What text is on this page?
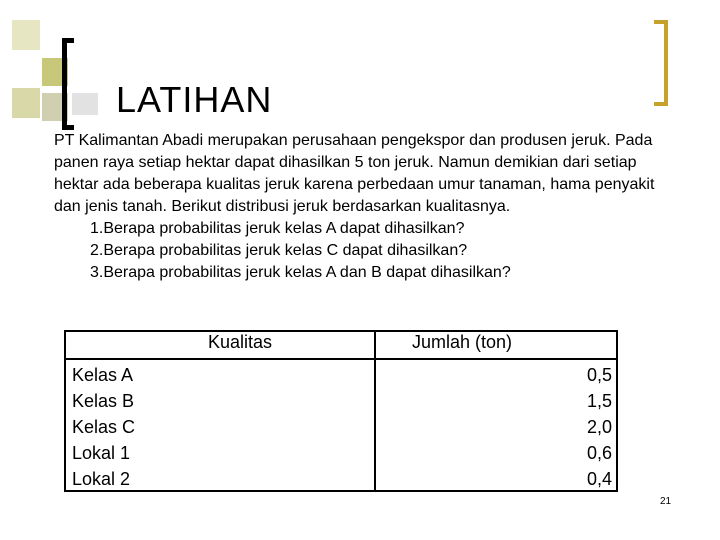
LATIHAN

PT Kalimantan Abadi merupakan perusahaan pengekspor dan produsen jeruk. Pada panen raya setiap hektar dapat dihasilkan 5 ton jeruk. Namun demikian dari setiap hektar ada beberapa kualitas jeruk karena perbedaan umur tanaman, hama penyakit dan jenis tanah. Berikut distribusi jeruk berdasarkan kualitasnya.

1.Berapa probabilitas jeruk kelas A dapat dihasilkan?
2.Berapa probabilitas jeruk kelas C dapat dihasilkan?
3.Berapa probabilitas jeruk kelas A dan B dapat dihasilkan?
Kualitas	Jumlah (ton)
Kelas A	0,5
Kelas B	1,5
Kelas C	2,0
Lokal 1	0,6
Lokal 2	0,4
21
